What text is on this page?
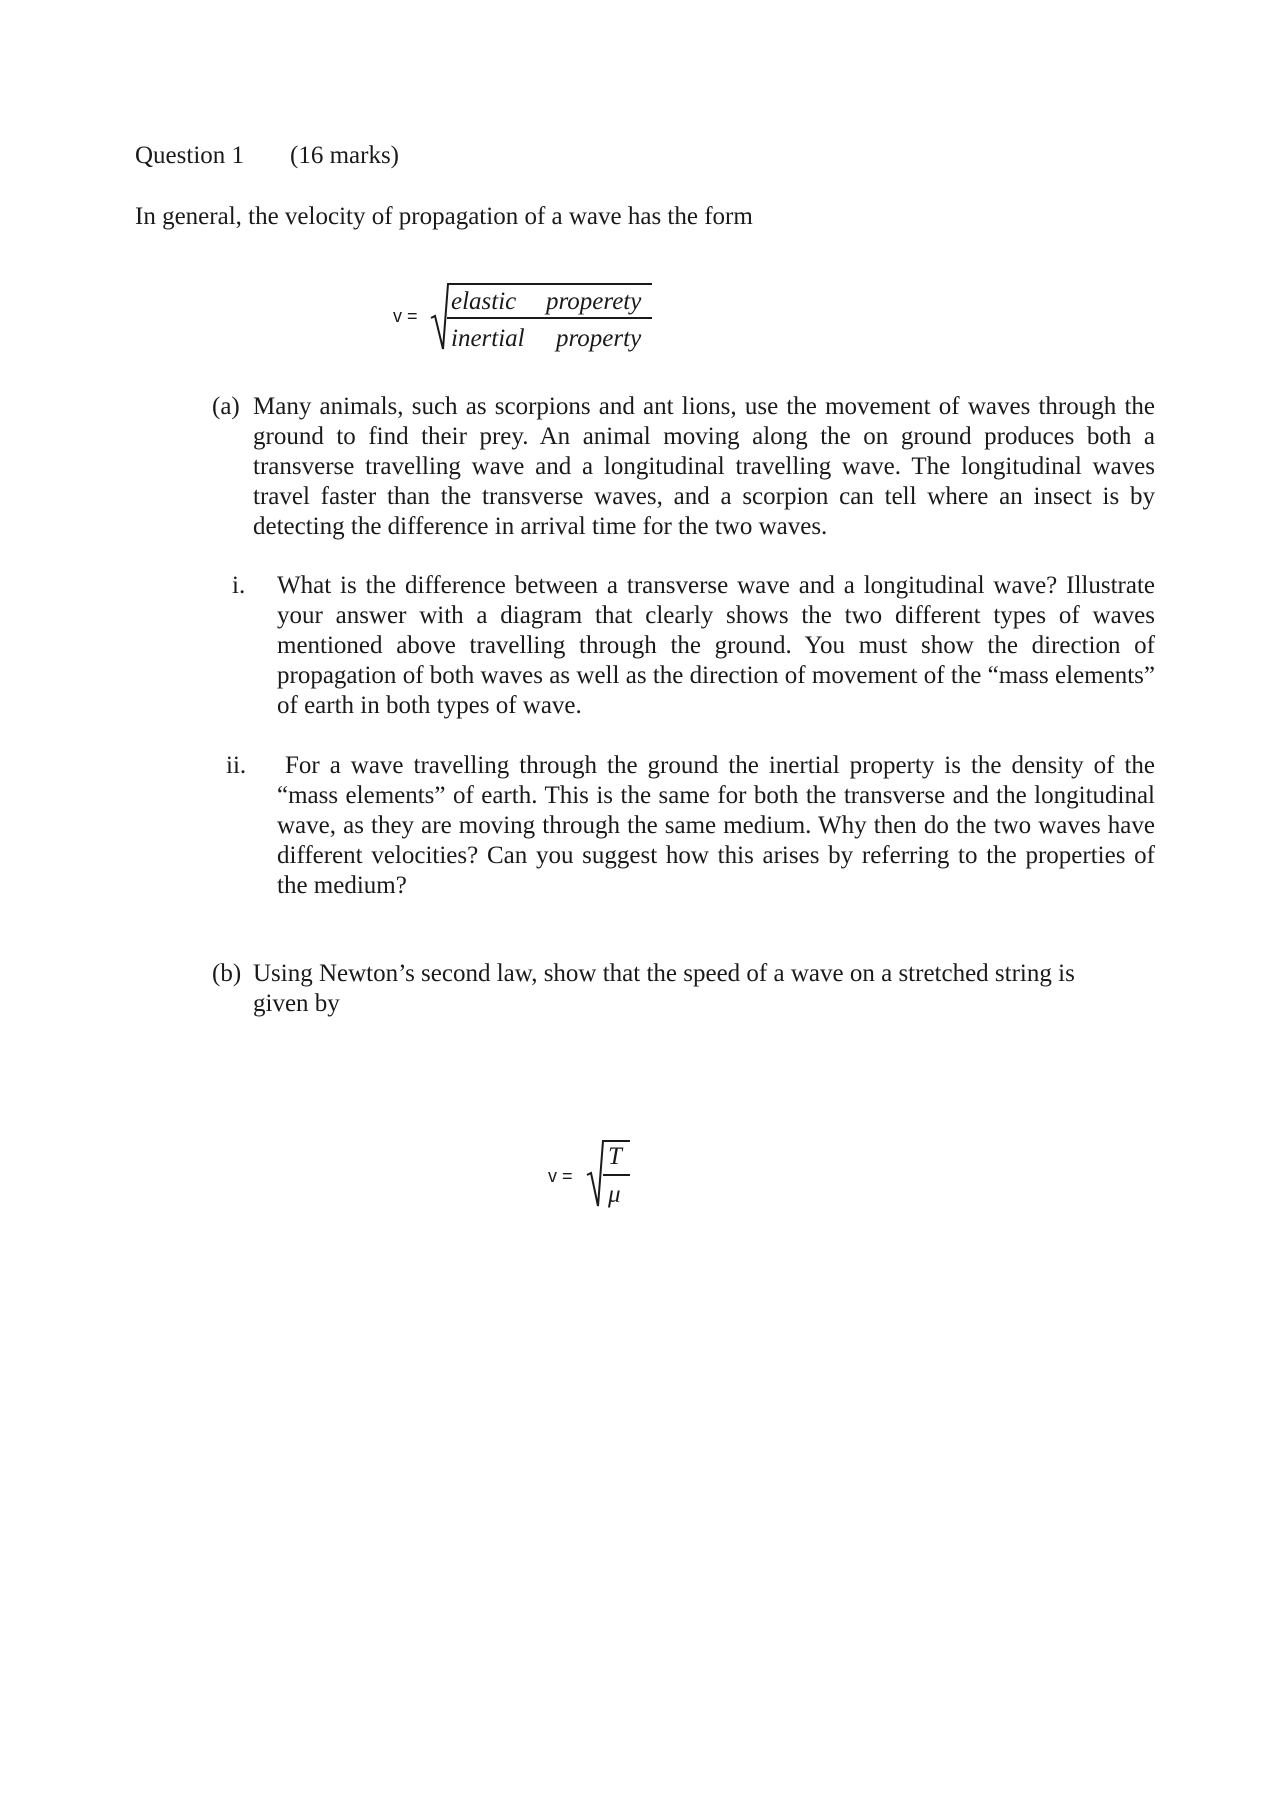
Question 1 (16 marks)
In general, the velocity of propagation of a wave has the form
v =
elastic properety
inertial property
(a) Many animals, such as scorpions and ant lions, use the movement of waves through the ground to find their prey. An animal moving along the on ground produces both a transverse travelling wave and a longitudinal travelling wave. The longitudinal waves travel faster than the transverse waves, and a scorpion can tell where an insect is by detecting the difference in arrival time for the two waves.
i. What is the difference between a transverse wave and a longitudinal wave? Illustrate your answer with a diagram that clearly shows the two different types of waves mentioned above travelling through the ground. You must show the direction of propagation of both waves as well as the direction of movement of the “mass elements” of earth in both types of wave.
ii.	For a wave travelling through the ground the inertial property is the density of the “mass elements” of earth. This is the same for both the transverse and the longitudinal wave, as they are moving through the same medium. Why then do the two waves have different velocities? Can you suggest how this arises by referring to the properties of the medium?
(b) Using Newton’s second law, show that the speed of a wave on a stretched string is
given by
v =
T
μ
